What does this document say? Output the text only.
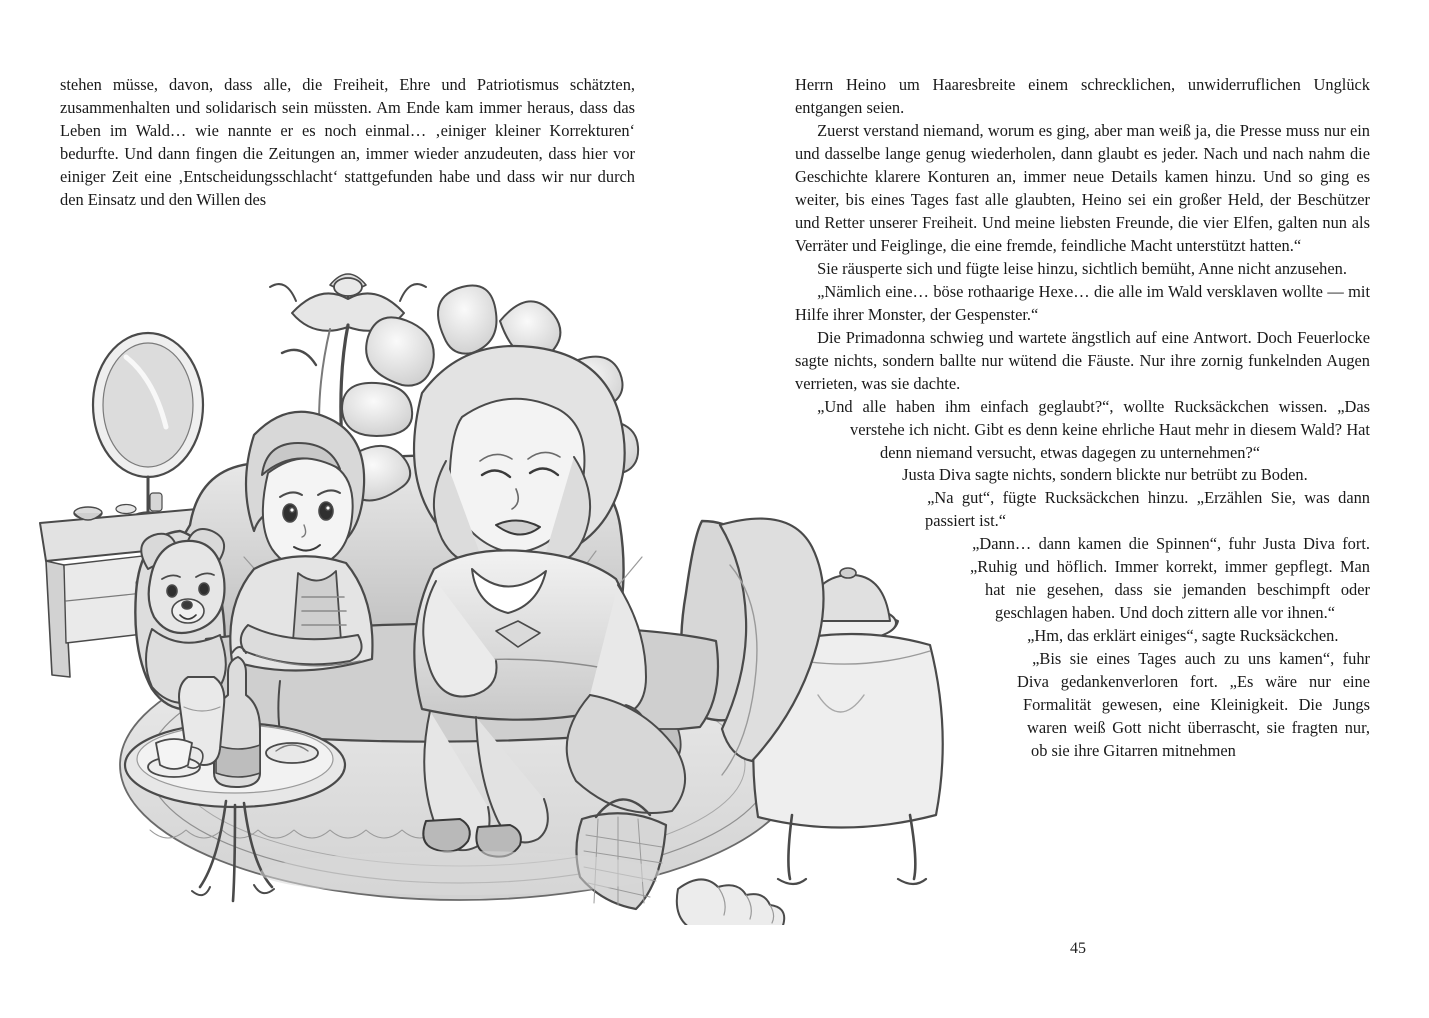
stehen müsse, davon, dass alle, die Freiheit, Ehre und Patriotismus schätzten, zusammenhalten und solidarisch sein müssten. Am Ende kam immer heraus, dass das Leben im Wald… wie nannte er es noch einmal… ‚einiger kleiner Korrekturen‘ bedurfte. Und dann fingen die Zeitungen an, immer wieder anzudeuten, dass hier vor einiger Zeit eine ‚Entscheidungsschlacht‘ stattgefunden habe und dass wir nur durch den Einsatz und den Willen des

Herrn Heino um Haaresbreite einem schrecklichen, unwiderruflichen Unglück entgangen seien.

Zuerst verstand niemand, worum es ging, aber man weiß ja, die Presse muss nur ein und dasselbe lange genug wiederholen, dann glaubt es jeder. Nach und nach nahm die Geschichte klarere Konturen an, immer neue Details kamen hinzu. Und so ging es weiter, bis eines Tages fast alle glaubten, Heino sei ein großer Held, der Beschützer und Retter unserer Freiheit. Und meine liebsten Freunde, die vier Elfen, galten nun als Verräter und Feiglinge, die eine fremde, feindliche Macht unterstützt hatten.“

Sie räusperte sich und fügte leise hinzu, sichtlich bemüht, Anne nicht anzusehen.

„Nämlich eine… böse rothaarige Hexe… die alle im Wald versklaven wollte — mit Hilfe ihrer Monster, der Gespenster.“

Die Primadonna schwieg und wartete ängstlich auf eine Antwort. Doch Feuerlocke sagte nichts, sondern ballte nur wütend die Fäuste. Nur ihre zornig funkelnden Augen verrieten, was sie dachte.

„Und alle haben ihm einfach geglaubt?“, wollte Rucksäckchen wissen. „Das verstehe ich nicht. Gibt es denn keine ehrliche Haut mehr in diesem Wald? Hat denn niemand versucht, etwas dagegen zu unternehmen?“

Justa Diva sagte nichts, sondern blickte nur betrübt zu Boden.

„Na gut“, fügte Rucksäckchen hinzu. „Erzählen Sie, was dann passiert ist.“

„Dann… dann kamen die Spinnen“, fuhr Justa Diva fort. „Ruhig und höflich. Immer korrekt, immer gepflegt. Man hat nie gesehen, dass sie jemanden beschimpft oder geschlagen haben. Und doch zittern alle vor ihnen.“

„Hm, das erklärt einiges“, sagte Rucksäckchen.

„Bis sie eines Tages auch zu uns kamen“, fuhr Diva gedankenverloren fort. „Es wäre nur eine Formalität gewesen, eine Kleinigkeit. Die Jungs waren weiß Gott nicht überrascht, sie fragten nur, ob sie ihre Gitarren mitnehmen

45
